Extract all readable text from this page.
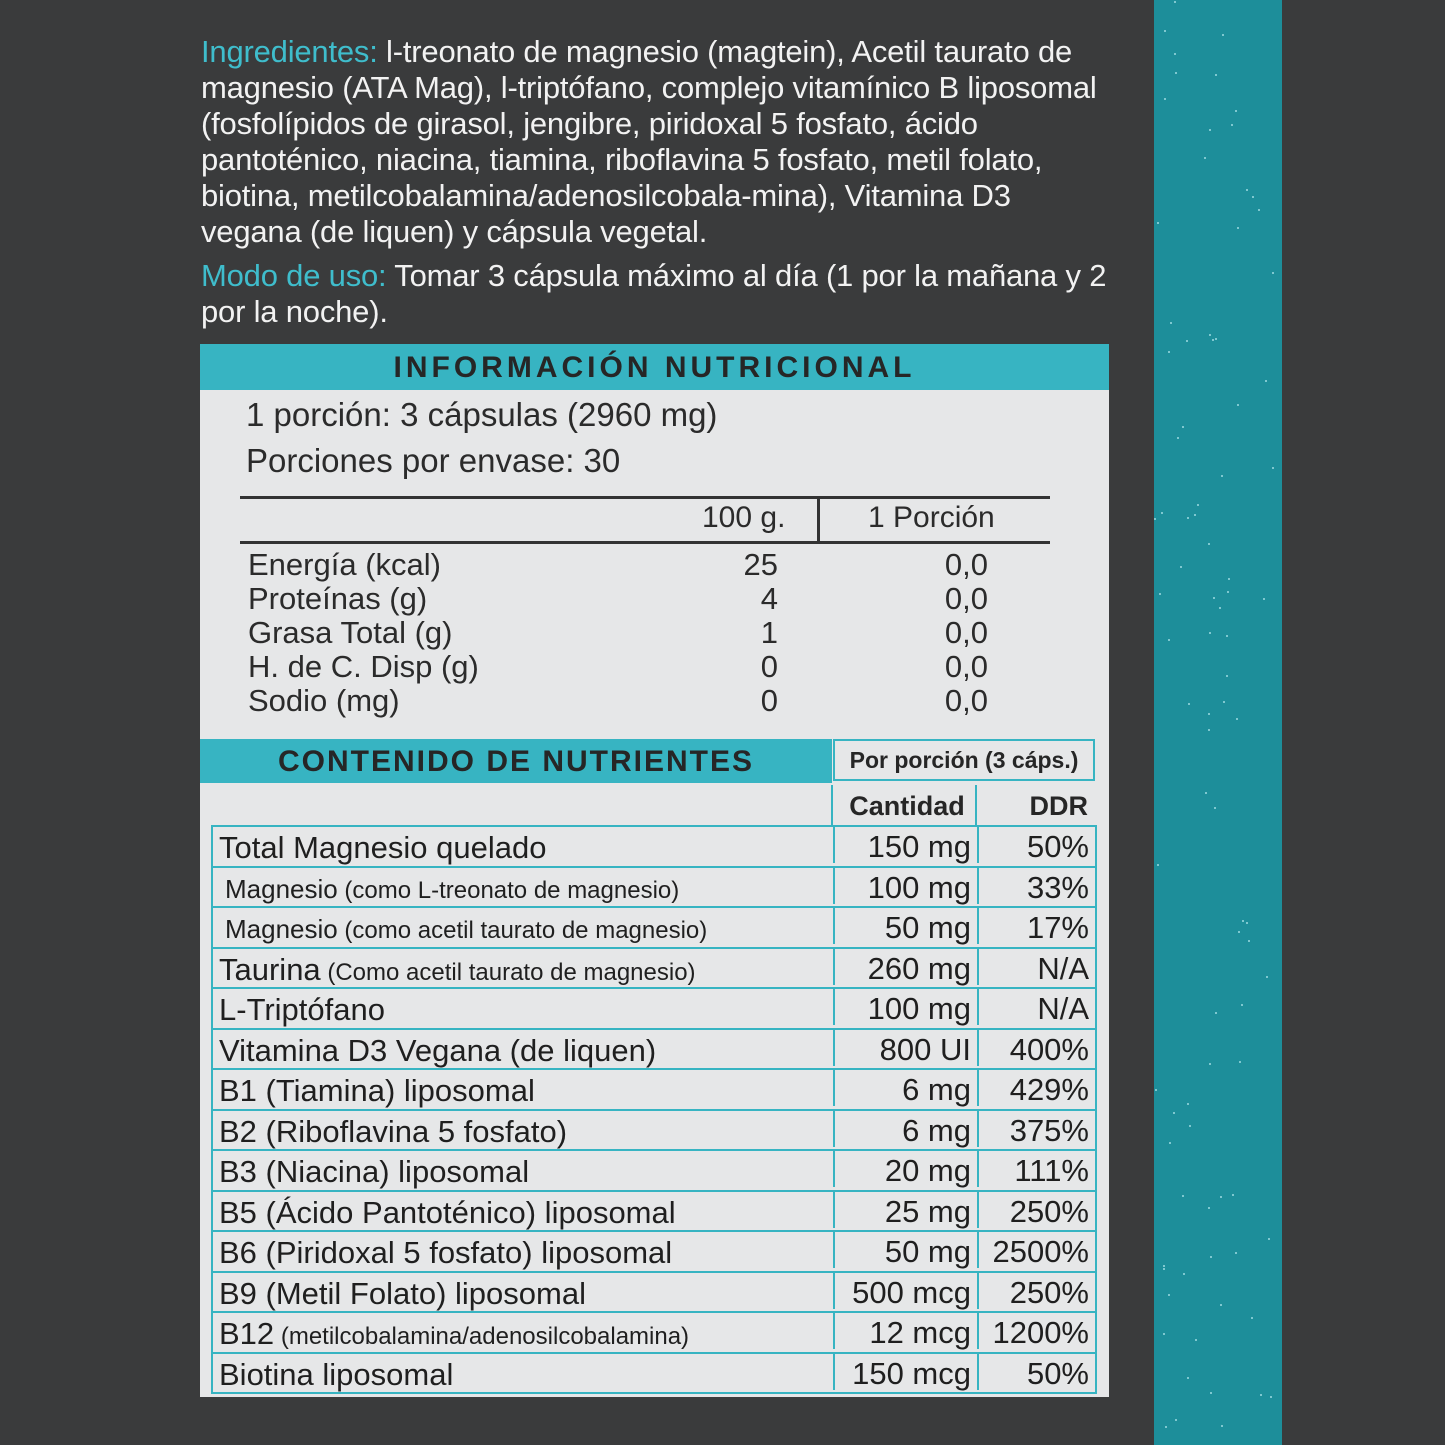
Ingredientes: l-treonato de magnesio (magtein), Acetil taurato de magnesio (ATA Mag), l-triptófano, complejo vitamínico B liposomal (fosfolípidos de girasol, jengibre, piridoxal 5 fosfato, ácido pantoténico, niacina, tiamina, riboflavina 5 fosfato, metil folato, biotina, metilcobalamina/adenosilcobala-mina), Vitamina D3 vegana (de liquen) y cápsula vegetal.

Modo de uso: Tomar 3 cápsula máximo al día (1 por la mañana y 2 por la noche).

INFORMACIÓN NUTRICIONAL
1 porción: 3 cápsulas (2960 mg)
Porciones por envase: 30
100 g.	1 Porción
Energía (kcal)	25	0,0
Proteínas (g)	4	0,0
Grasa Total (g)	1	0,0
H. de C. Disp (g)	0	0,0
Sodio (mg)	0	0,0
CONTENIDO DE NUTRIENTES	Por porción (3 cáps.)
Cantidad	DDR
Total Magnesio quelado	150 mg	50%
Magnesio (como L-treonato de magnesio)	100 mg	33%
Magnesio (como acetil taurato de magnesio)	50 mg	17%
Taurina (Como acetil taurato de magnesio)	260 mg	N/A
L-Triptófano	100 mg	N/A
Vitamina D3 Vegana (de liquen)	800 UI	400%
B1 (Tiamina) liposomal	6 mg	429%
B2 (Riboflavina 5 fosfato)	6 mg	375%
B3 (Niacina) liposomal	20 mg	111%
B5 (Ácido Pantoténico) liposomal	25 mg	250%
B6 (Piridoxal 5 fosfato) liposomal	50 mg 2500%
B9 (Metil Folato) liposomal	500 mcg	250%
B12 (metilcobalamina/adenosilcobalamina)	12 mcg 1200%
Biotina liposomal	150 mcg	50%
